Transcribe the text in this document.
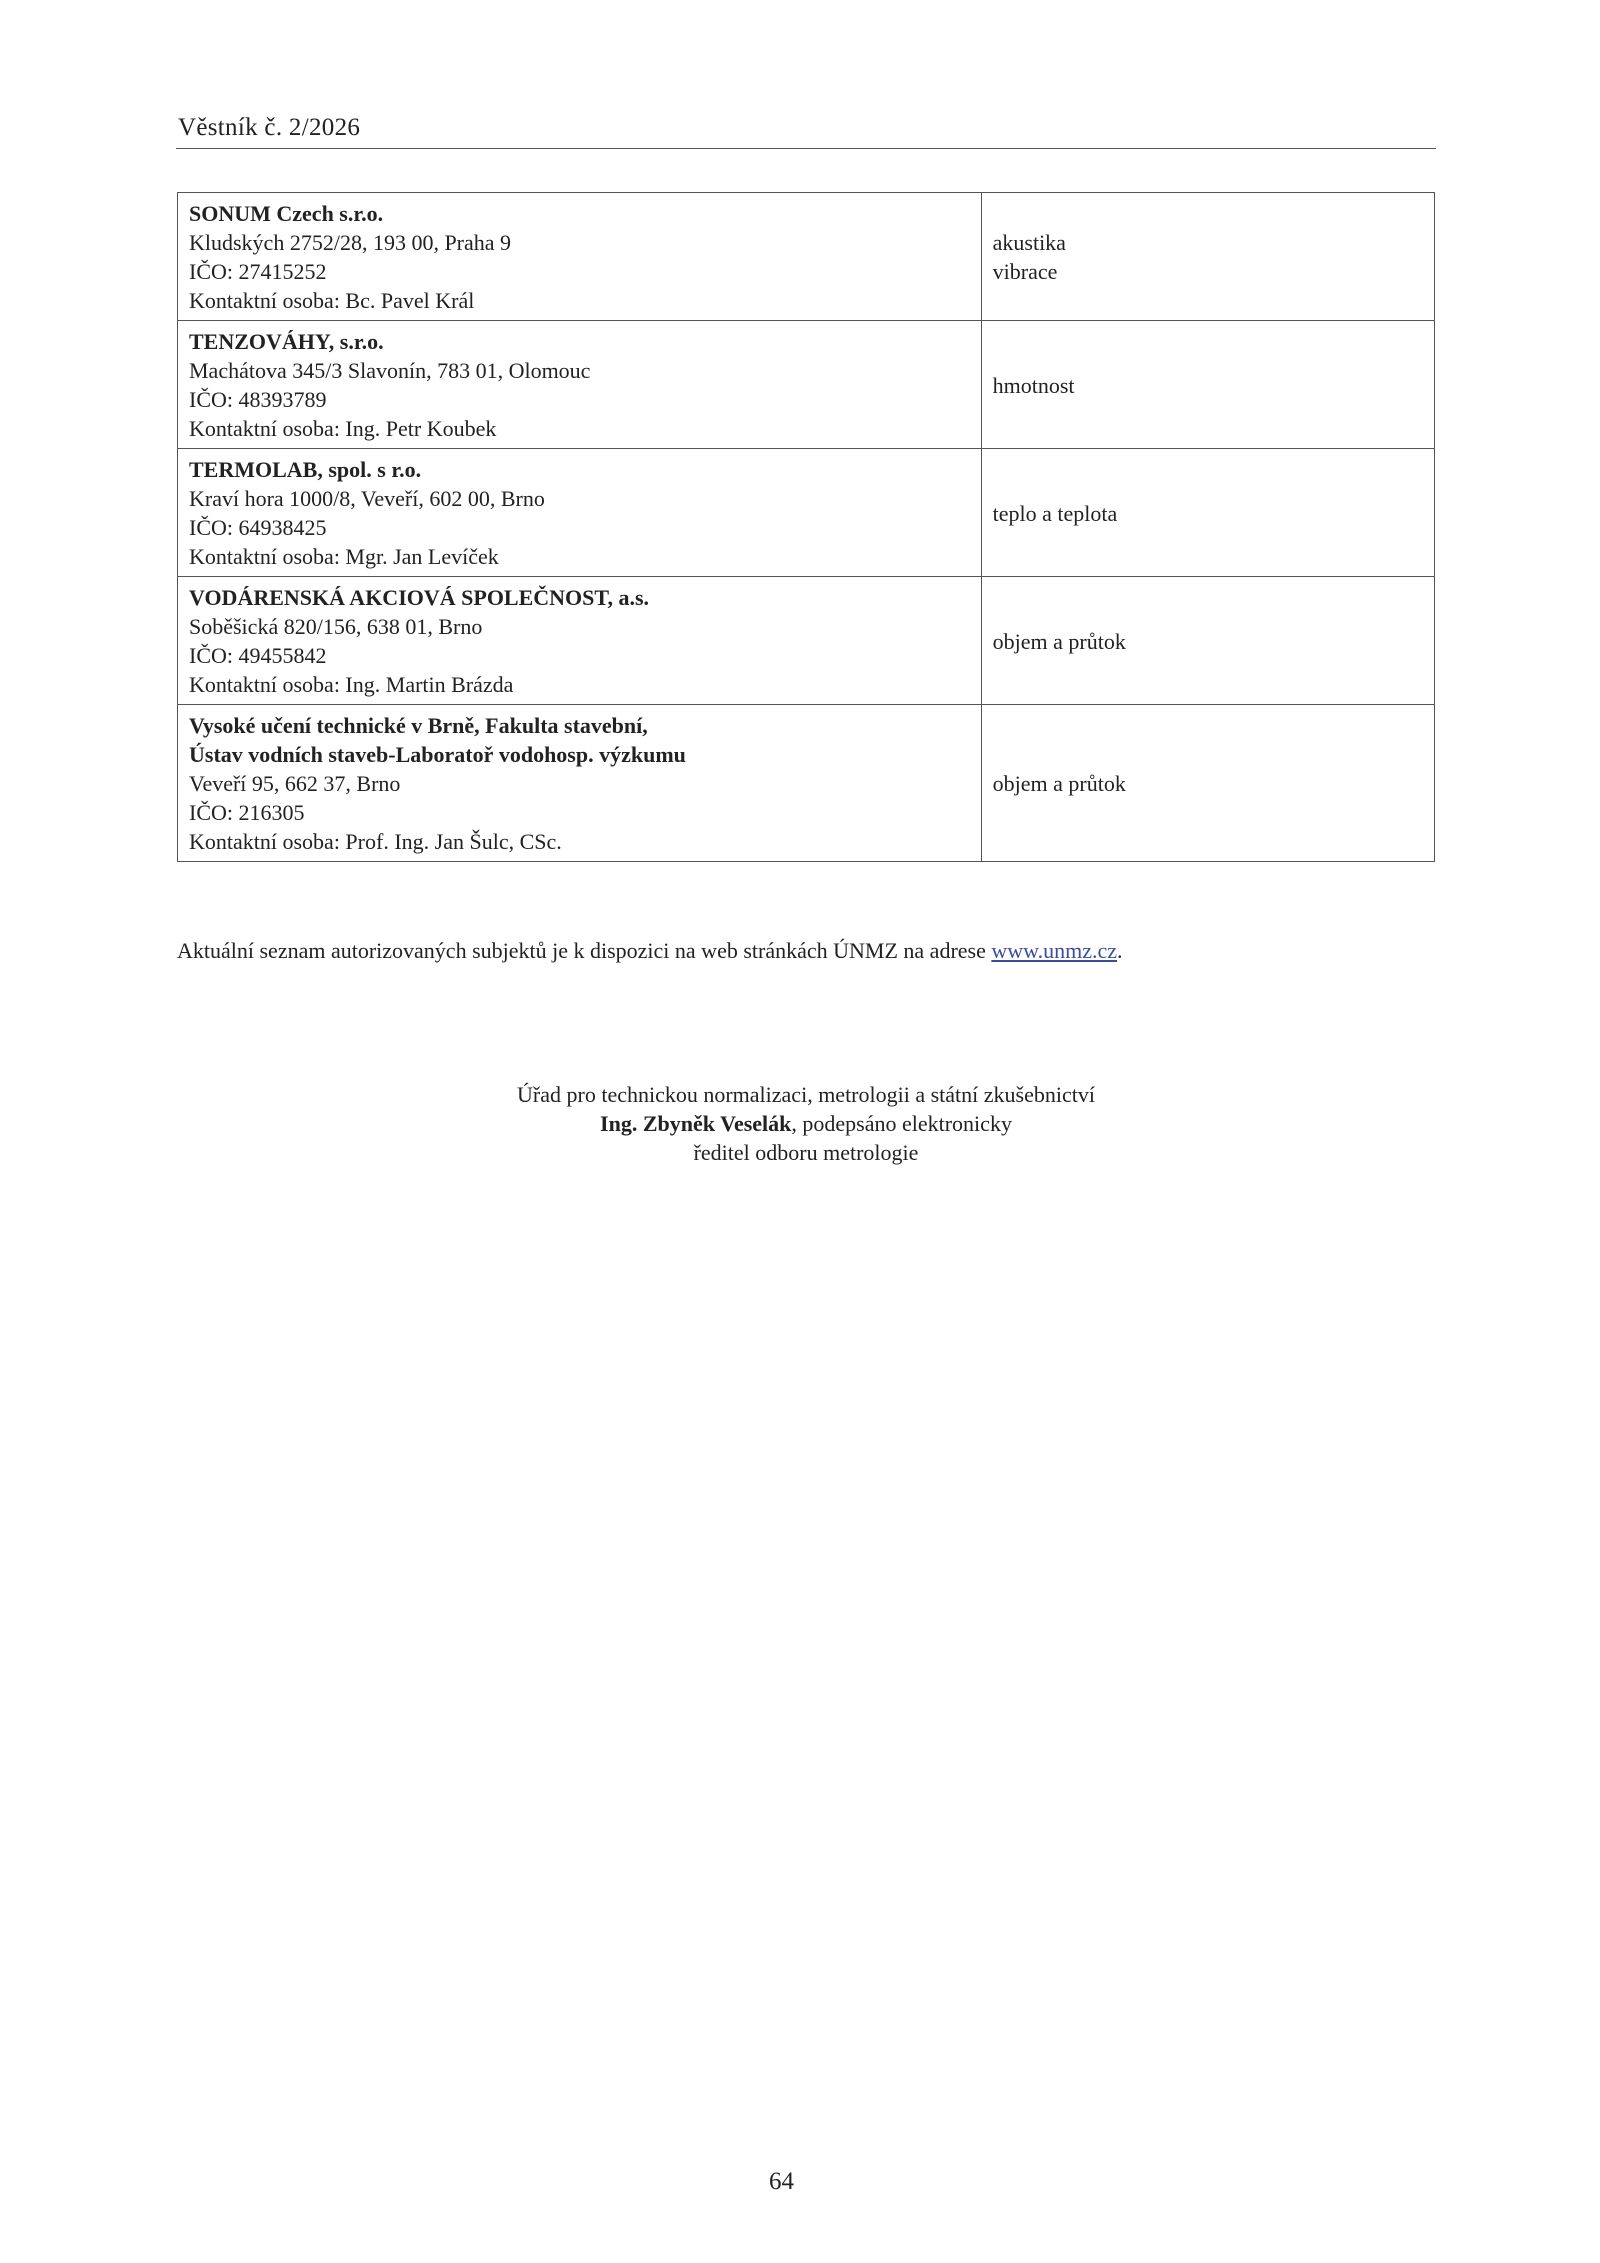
Věstník č. 2/2026
SONUM Czech s.r.o.
Kludských 2752/28, 193 00, Praha 9
IČO: 27415252
Kontaktní osoba: Bc. Pavel Král	akustika
vibrace

TENZOVÁHY, s.r.o.
Machátova 345/3 Slavonín, 783 01, Olomouc
IČO: 48393789
Kontaktní osoba: Ing. Petr Koubek	hmotnost

TERMOLAB, spol. s r.o.
Kraví hora 1000/8, Veveří, 602 00, Brno
IČO: 64938425
Kontaktní osoba: Mgr. Jan Levíček	teplo a teplota

VODÁRENSKÁ AKCIOVÁ SPOLEČNOST, a.s.
Soběšická 820/156, 638 01, Brno
IČO: 49455842
Kontaktní osoba: Ing. Martin Brázda	objem a průtok

Vysoké učení technické v Brně, Fakulta stavební,
Ústav vodních staveb-Laboratoř vodohosp. výzkumu
Veveří 95, 662 37, Brno
IČO: 216305
Kontaktní osoba: Prof. Ing. Jan Šulc, CSc.	objem a průtok
Aktuální seznam autorizovaných subjektů je k dispozici na web stránkách ÚNMZ na adrese www.unmz.cz.
Úřad pro technickou normalizaci, metrologii a státní zkušebnictví
Ing. Zbyněk Veselák, podepsáno elektronicky
ředitel odboru metrologie
64
